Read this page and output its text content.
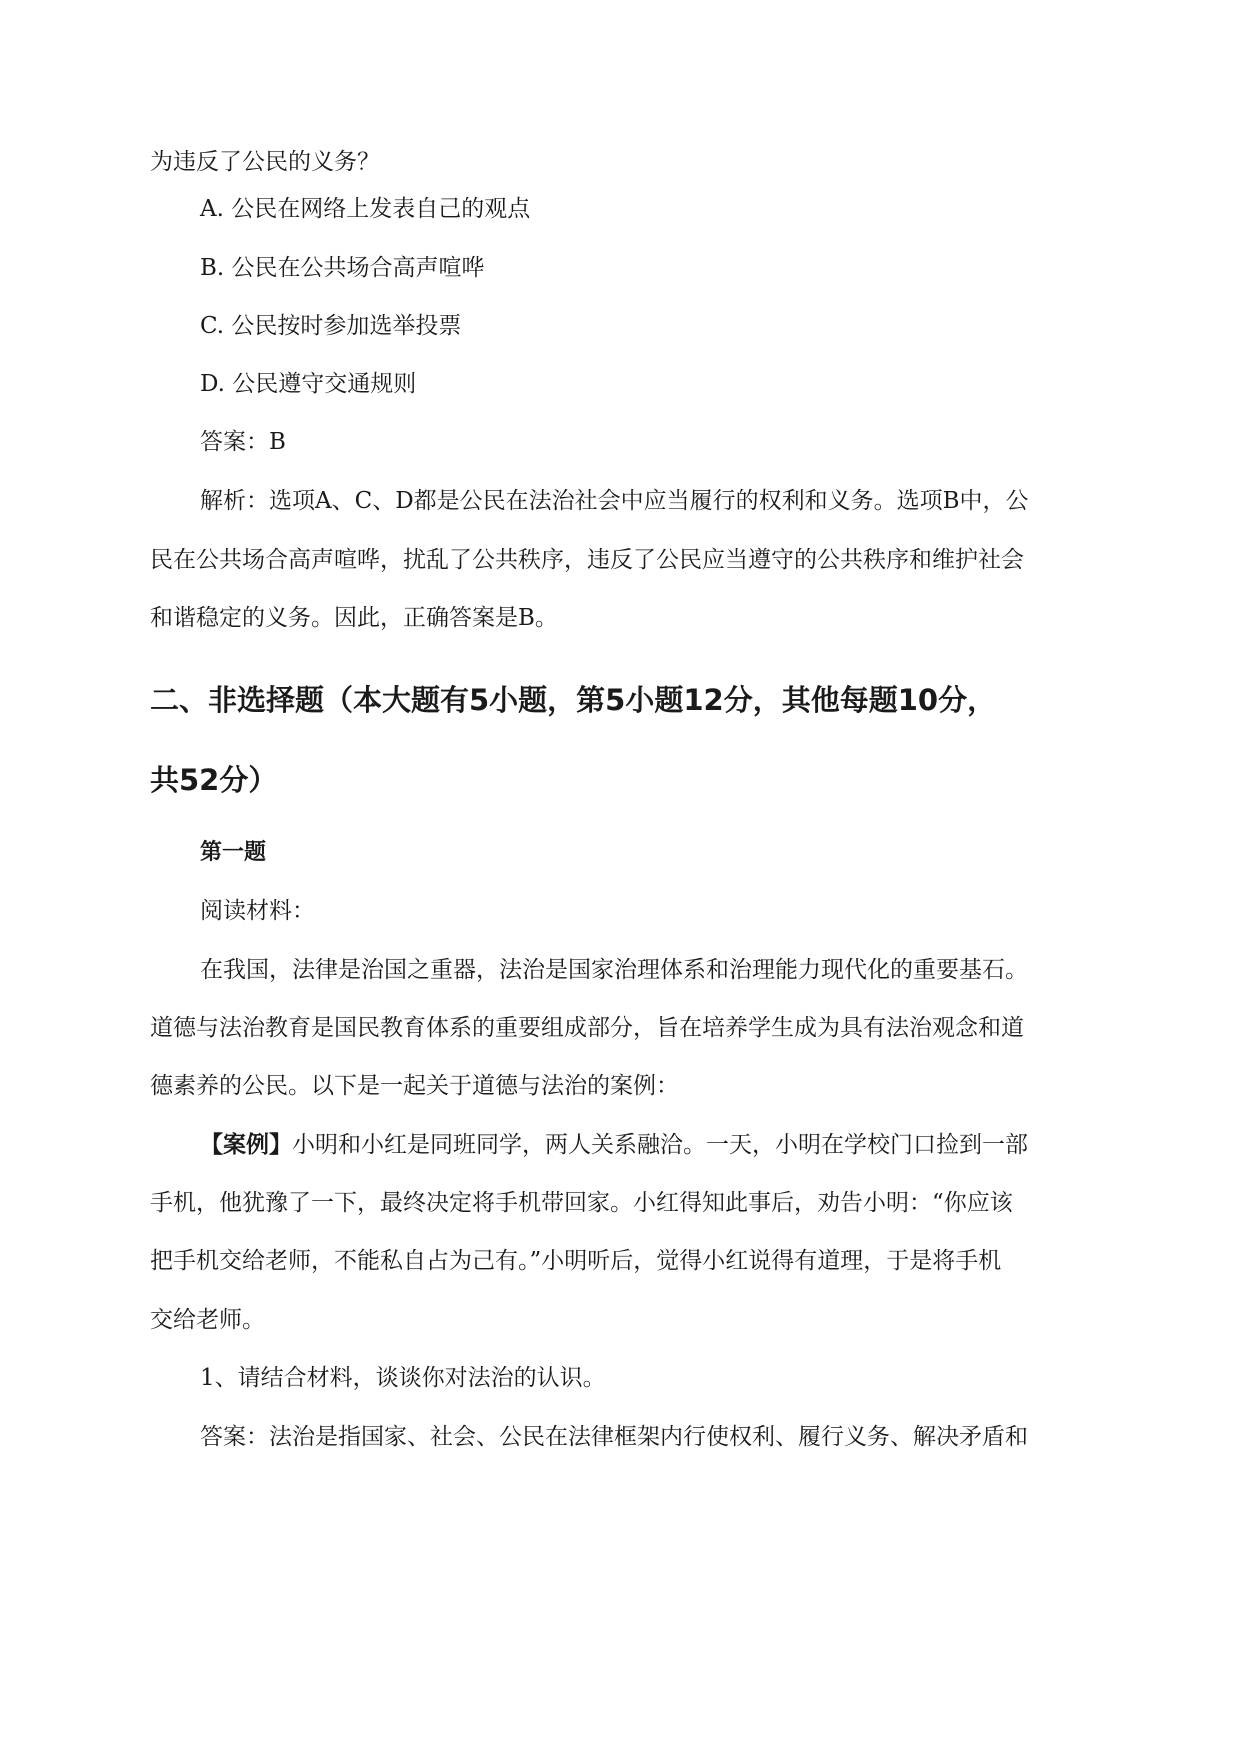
为违反了公民的义务？

A. 公民在网络上发表自己的观点

B. 公民在公共场合高声喧哗

C. 公民按时参加选举投票

D. 公民遵守交通规则

答案：B

解析：选项A、C、D都是公民在法治社会中应当履行的权利和义务。选项B中，公

民在公共场合高声喧哗，扰乱了公共秩序，违反了公民应当遵守的公共秩序和维护社会

和谐稳定的义务。因此，正确答案是B。

二、非选择题（本大题有5小题，第5小题12分，其他每题10分，
共52分）
第一题

阅读材料：

在我国，法律是治国之重器，法治是国家治理体系和治理能力现代化的重要基石。

道德与法治教育是国民教育体系的重要组成部分，旨在培养学生成为具有法治观念和道

德素养的公民。以下是一起关于道德与法治的案例：

【案例】小明和小红是同班同学，两人关系融洽。一天，小明在学校门口捡到一部

手机，他犹豫了一下，最终决定将手机带回家。小红得知此事后，劝告小明：“你应该

把手机交给老师，不能私自占为己有。”小明听后，觉得小红说得有道理，于是将手机

交给老师。

1、请结合材料，谈谈你对法治的认识。

答案：法治是指国家、社会、公民在法律框架内行使权利、履行义务、解决矛盾和
